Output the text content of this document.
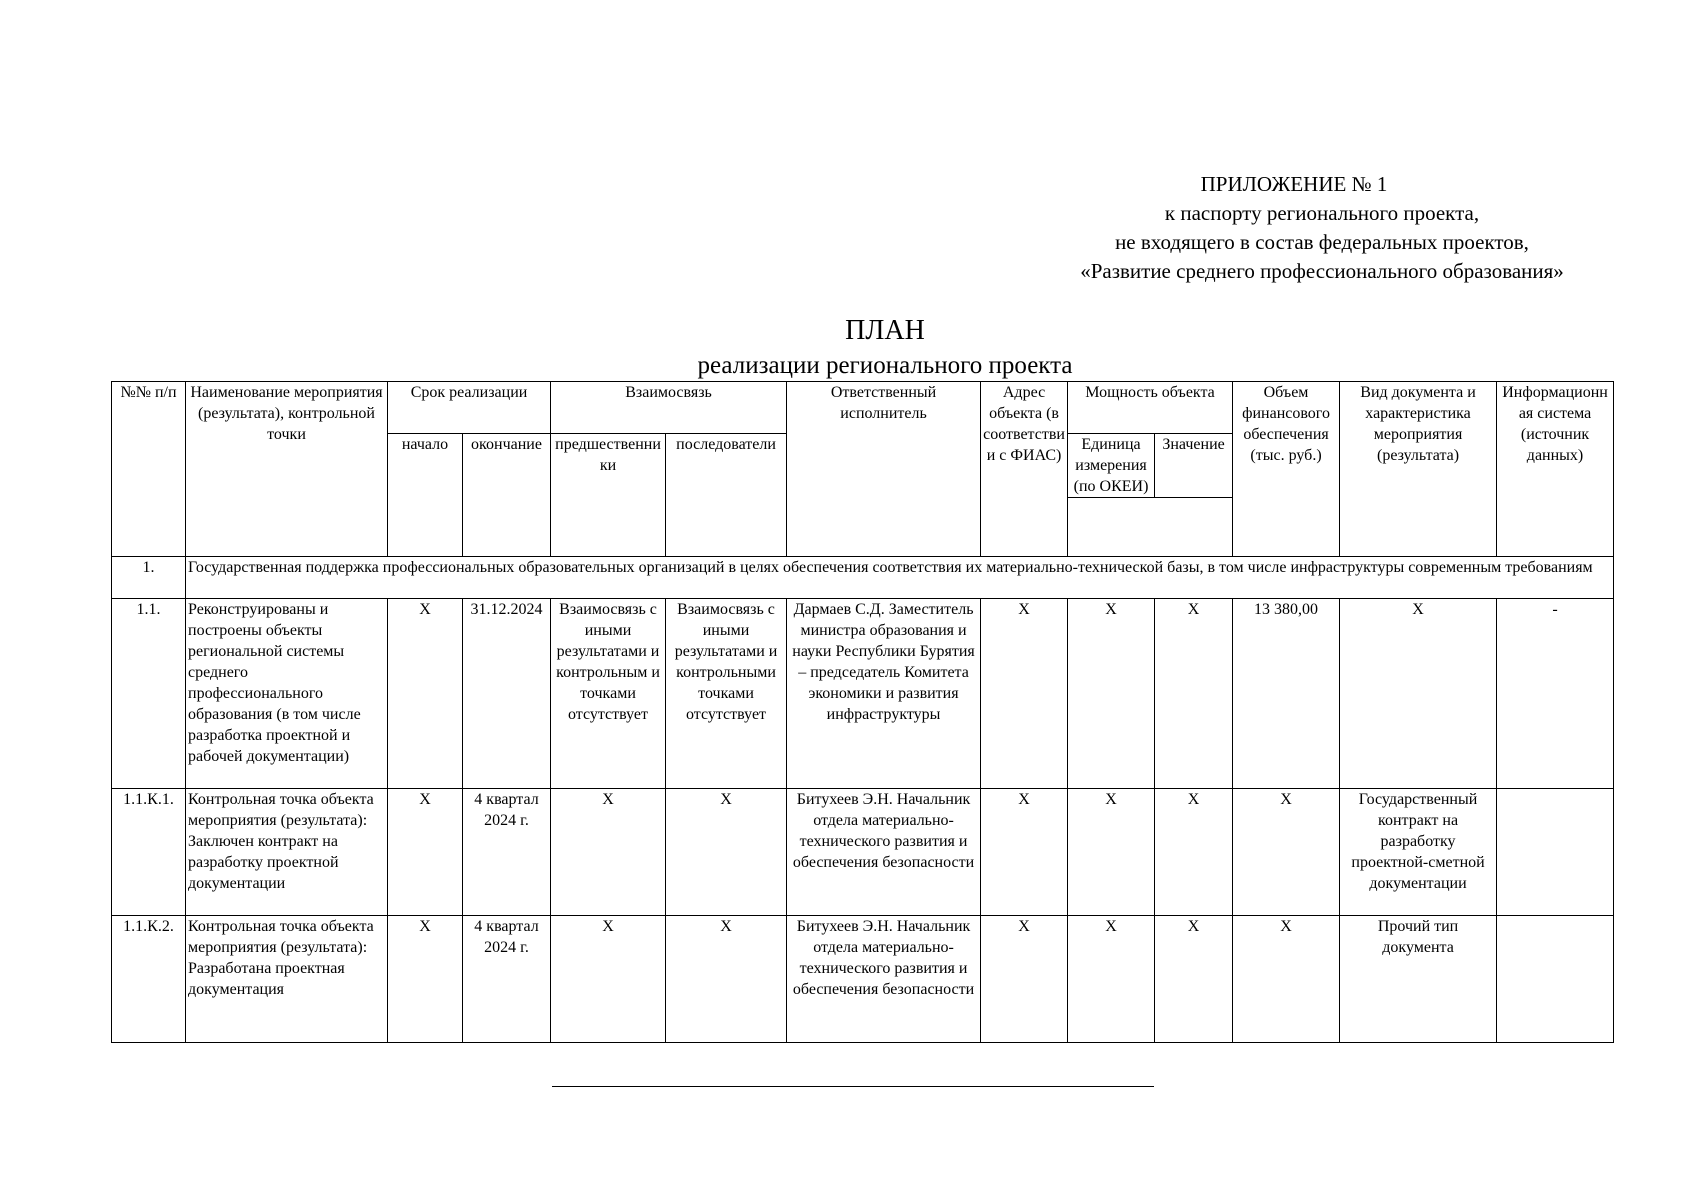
ПРИЛОЖЕНИЕ № 1
к паспорту регионального проекта,
не входящего в состав федеральных проектов,
«Развитие среднего профессионального образования»
ПЛАН
реализации регионального проекта
№№ п/п	Наименование мероприятия (результата), контрольной точки	Срок реализации		Взаимосвязь		Ответственный исполнитель	Адрес объекта (в соответствии с ФИАС)	Мощность объекта		Объем финансового обеспечения (тыс. руб.)	Вид документа и характеристика мероприятия (результата)	Информационная система (источник данных)
		начало	окончание	предшественники	последователи			Единица измерения (по ОКЕИ)	Значение			

1.	Государственная поддержка профессиональных образовательных организаций в целях обеспечения соответствия их материально-технической базы, в том числе инфраструктуры современным требованиям											
1.1.	Реконструированы и построены объекты региональной системы среднего профессионального образования (в том числе разработка проектной и рабочей документации)	X	31.12.2024	Взаимосвязь с иными результатами и контрольным и точками отсутствует	Взаимосвязь с иными результатами и контрольными точками отсутствует	Дармаев С.Д. Заместитель министра образования и науки Республики Бурятия – председатель Комитета экономики и развития инфраструктуры	X	X	X	13 380,00	X	-
1.1.К.1.	Контрольная точка объекта мероприятия (результата): Заключен контракт на разработку проектной документации	X	4 квартал 2024 г.	X	X	Битухеев Э.Н. Начальник отдела материально-технического развития и обеспечения безопасности	X	X	X	X	Государственный контракт на разработку проектной-сметной документации	
1.1.К.2.	Контрольная точка объекта мероприятия (результата): Разработана проектная документация	X	4 квартал 2024 г.	X	X	Битухеев Э.Н. Начальник отдела материально-технического развития и обеспечения безопасности	X	X	X	X	Прочий тип документа	
